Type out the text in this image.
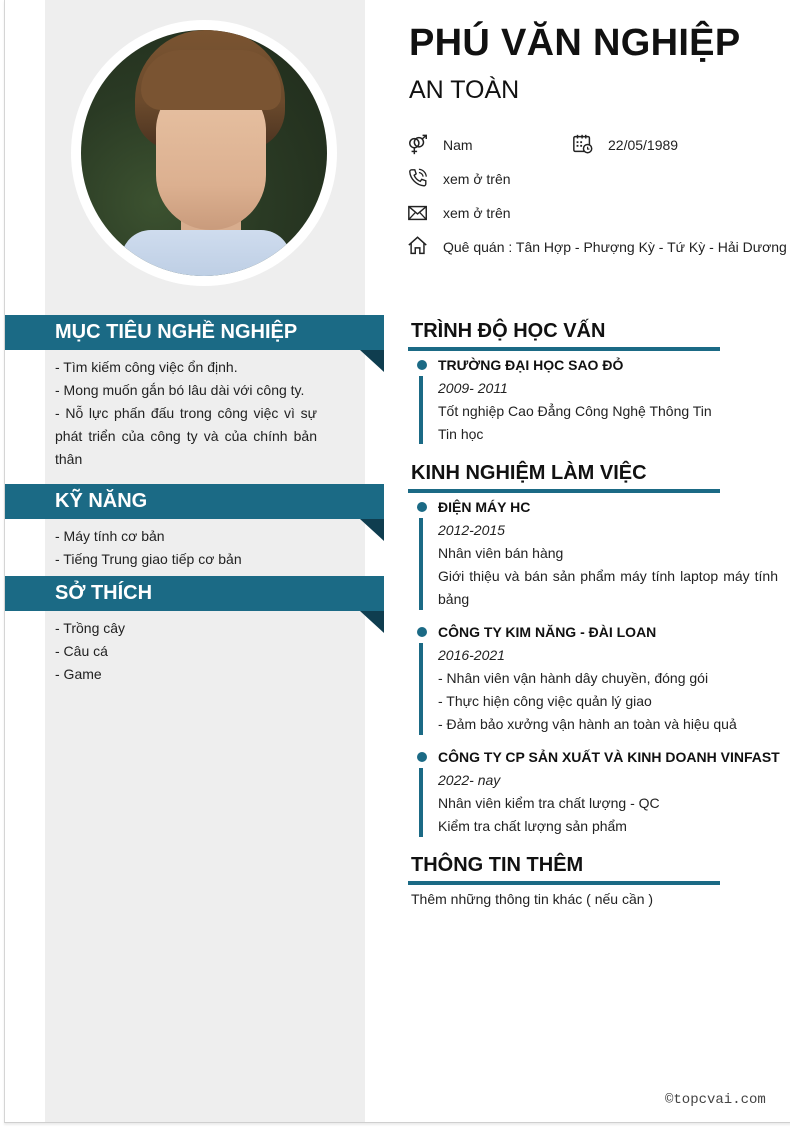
PHÚ VĂN NGHIỆP
AN TOÀN
Nam	22/05/1989
xem ở trên
xem ở trên
Quê quán : Tân Hợp - Phượng Kỳ - Tứ Kỳ - Hải Dương
MỤC TIÊU NGHỀ NGHIỆP
- Tìm kiếm công việc ổn định.
- Mong muốn gắn bó lâu dài với công ty.
- Nỗ lực phấn đấu trong công việc vì sự phát triển của công ty và của chính bản thân
KỸ NĂNG
- Máy tính cơ bản
- Tiếng Trung giao tiếp cơ bản
SỞ THÍCH
- Trồng cây
- Câu cá
- Game
TRÌNH ĐỘ HỌC VẤN
TRƯỜNG ĐẠI HỌC SAO ĐỎ
2009- 2011
Tốt nghiệp Cao Đẳng Công Nghệ Thông Tin
Tin học
KINH NGHIỆM LÀM VIỆC
ĐIỆN MÁY HC
2012-2015
Nhân viên bán hàng
Giới thiệu và bán sản phẩm máy tính laptop máy tính bảng
CÔNG TY KIM NĂNG - ĐÀI LOAN
2016-2021
- Nhân viên vận hành dây chuyền, đóng gói
- Thực hiện công việc quản lý giao
- Đảm bảo xưởng vận hành an toàn và hiệu quả
CÔNG TY CP SẢN XUẤT VÀ KINH DOANH VINFAST
2022- nay
Nhân viên kiểm tra chất lượng - QC
Kiểm tra chất lượng sản phẩm
THÔNG TIN THÊM
Thêm những thông tin khác ( nếu cần )
©topcvai.com
